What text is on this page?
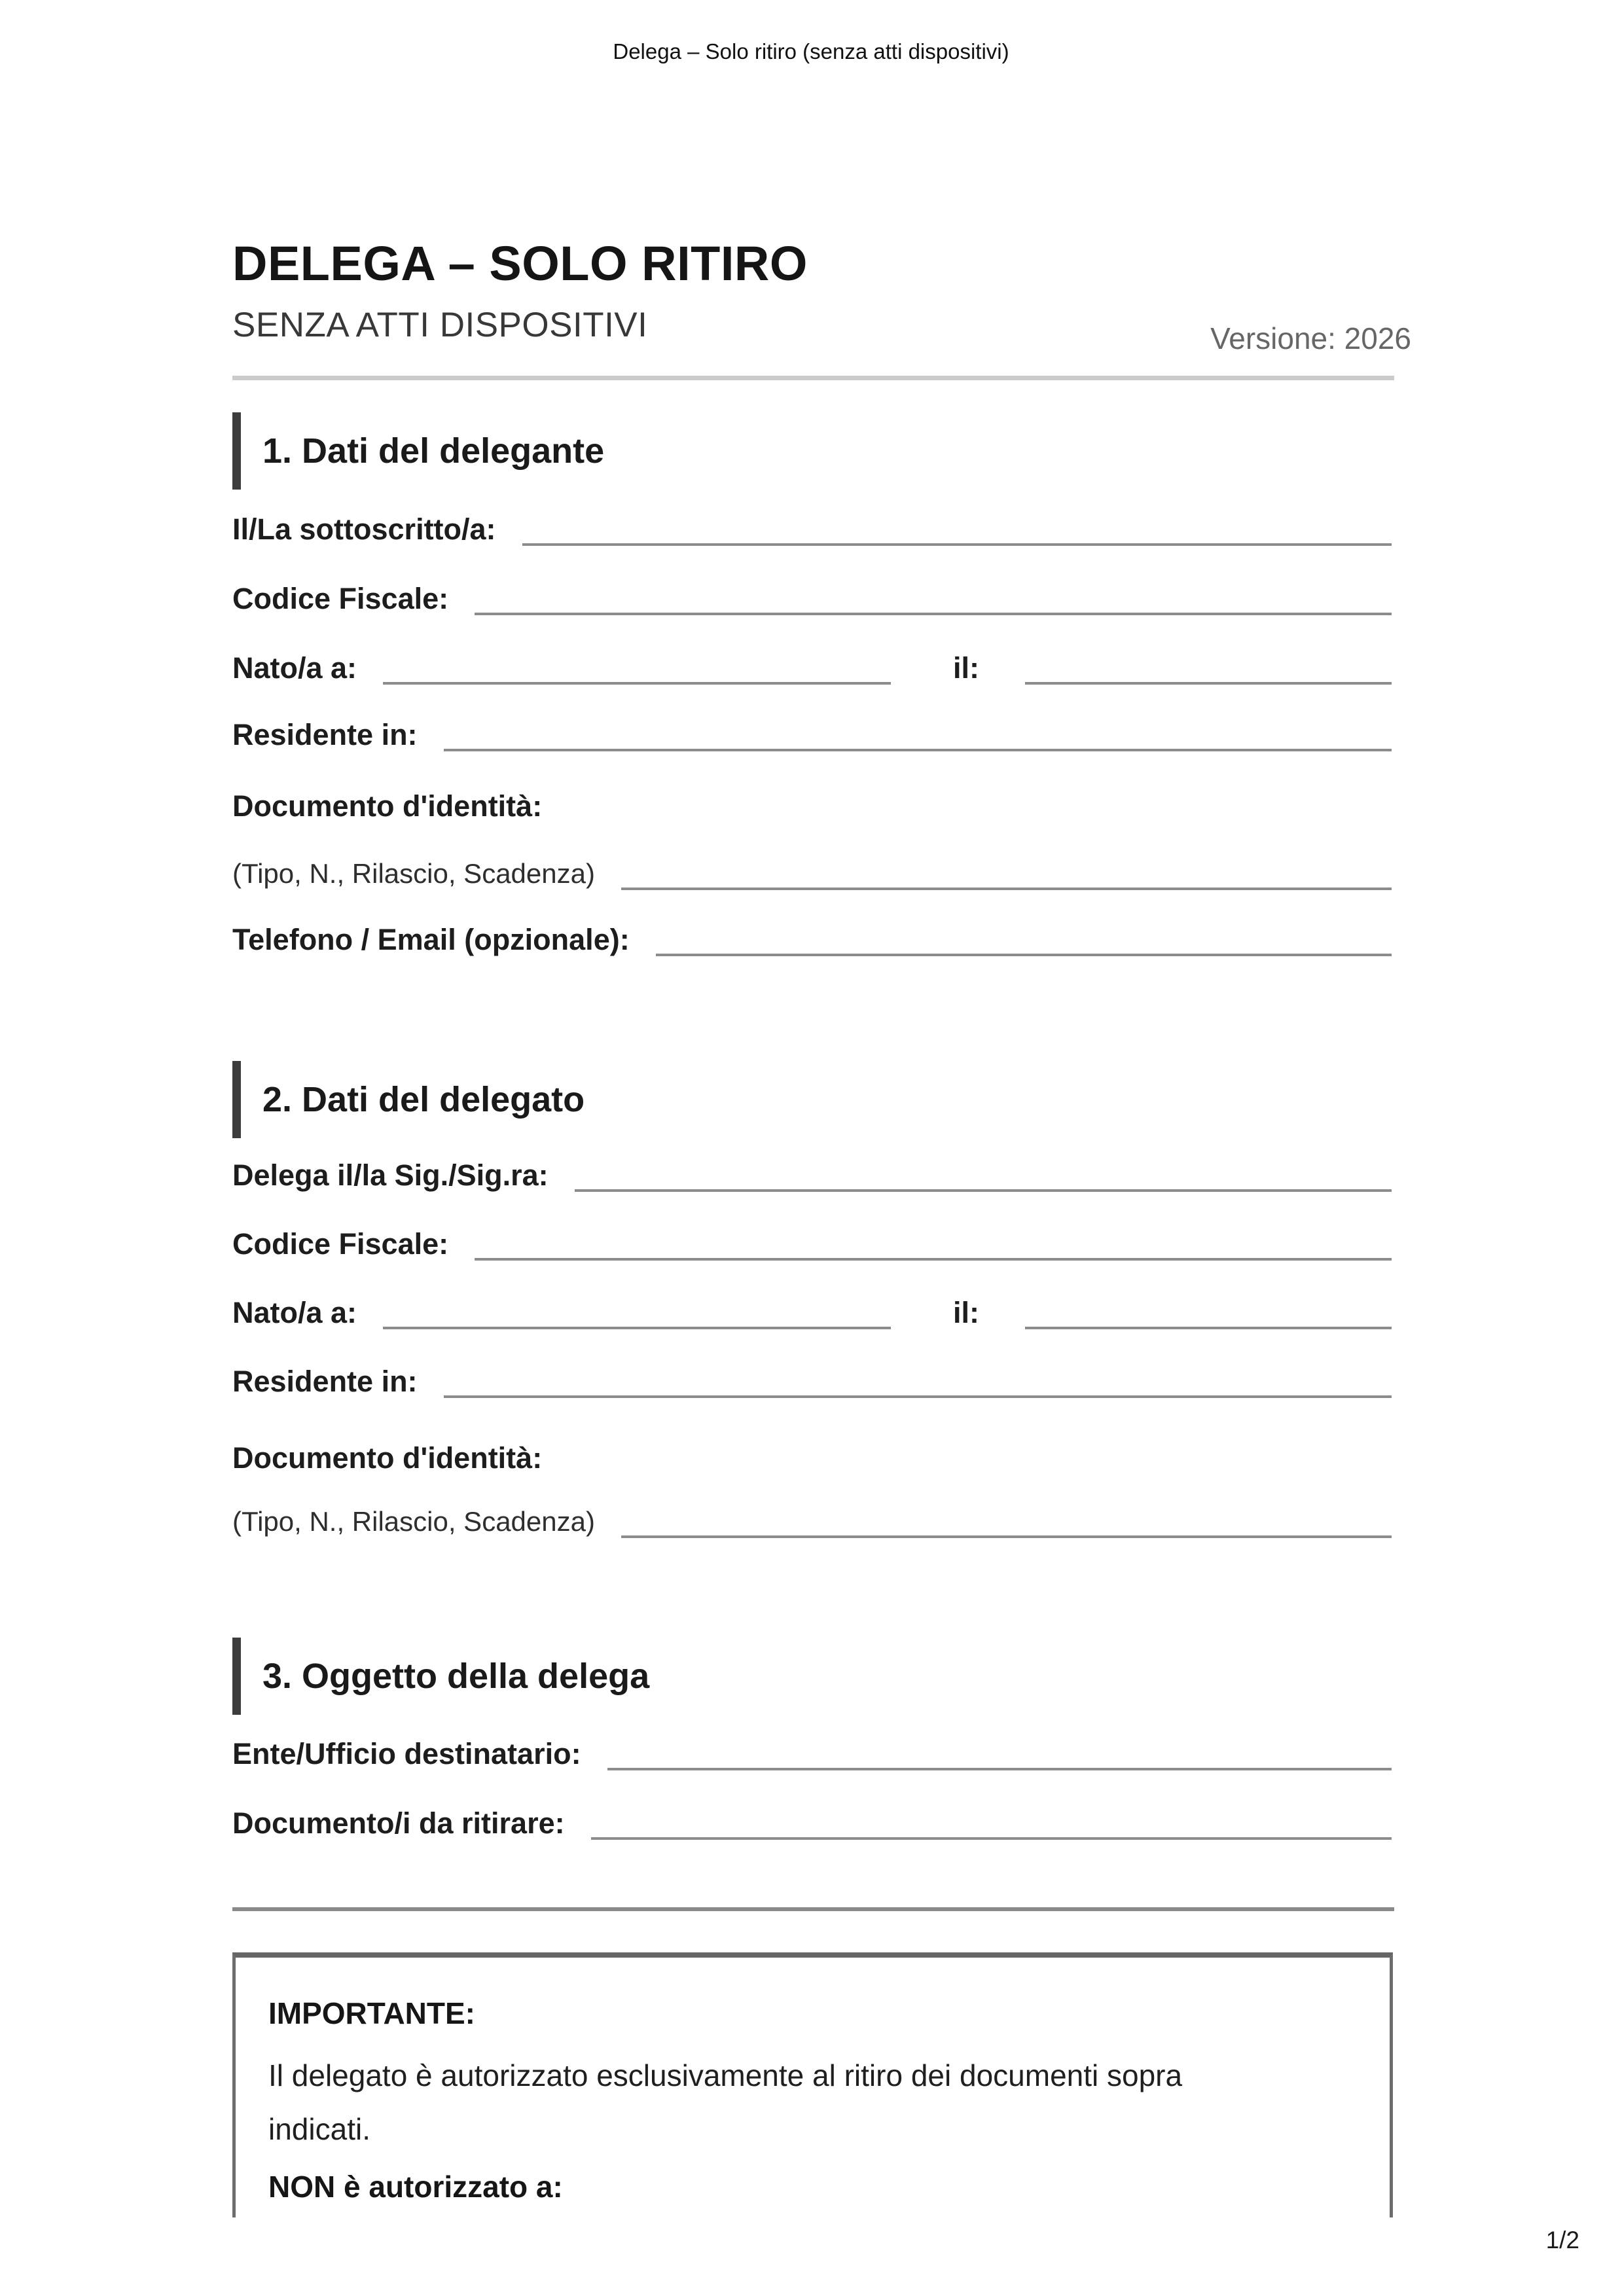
Delega – Solo ritiro (senza atti dispositivi)
DELEGA – SOLO RITIRO
SENZA ATTI DISPOSITIVI	Versione: 2026
1. Dati del delegante
Il/La sottoscritto/a:
Codice Fiscale:
Nato/a a:	il:
Residente in:
Documento d'identità:
(Tipo, N., Rilascio, Scadenza)
Telefono / Email (opzionale):
2. Dati del delegato
Delega il/la Sig./Sig.ra:
Codice Fiscale:
Nato/a a:	il:
Residente in:
Documento d'identità:
(Tipo, N., Rilascio, Scadenza)
3. Oggetto della delega
Ente/Ufficio destinatario:
Documento/i da ritirare:

IMPORTANTE:

Il delegato è autorizzato esclusivamente al ritiro dei documenti sopra indicati.

NON è autorizzato a:

1/2
